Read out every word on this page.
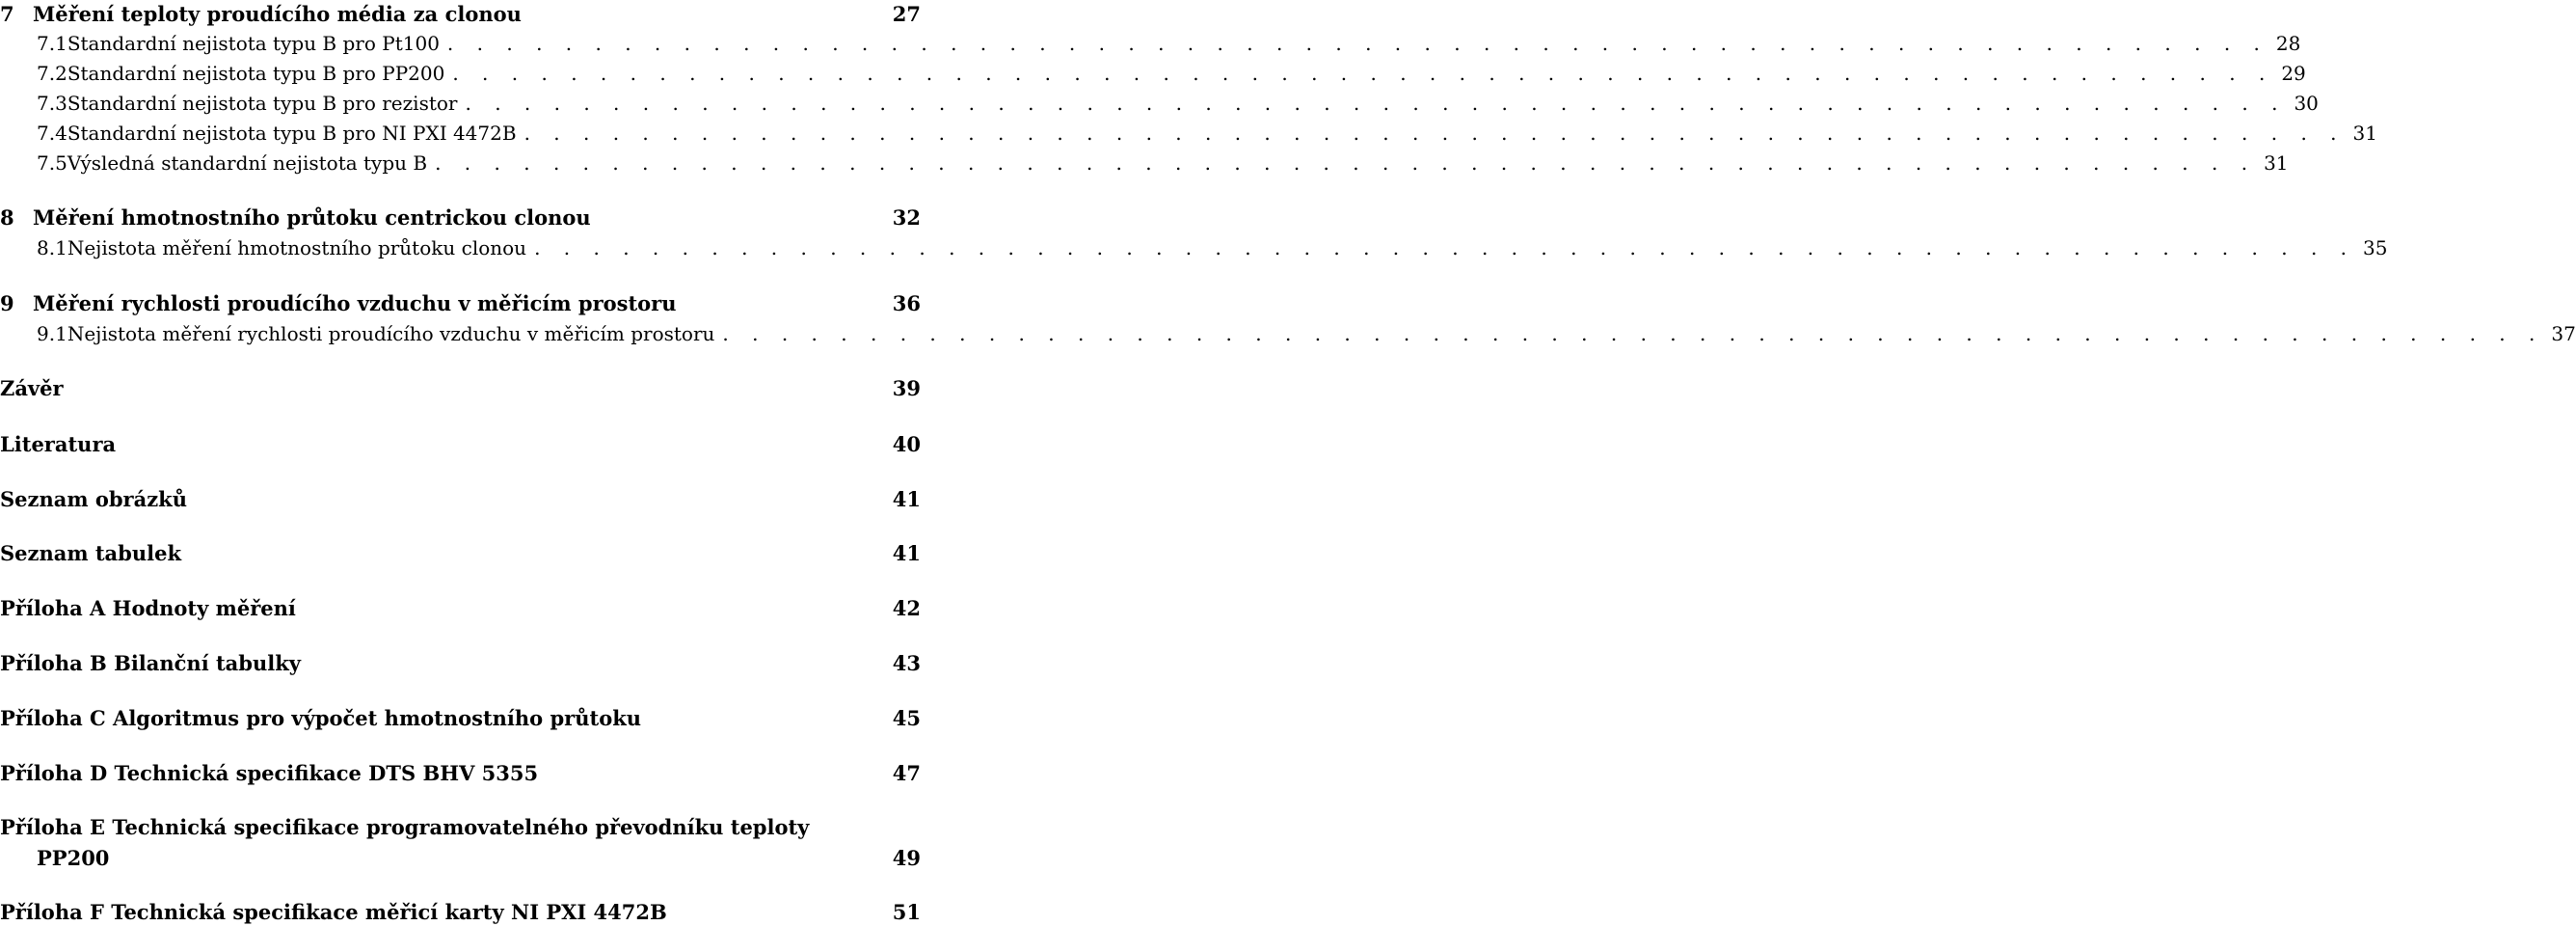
7 Měření teploty proudícího média za clonou	27
7.1 Standardní nejistota typu B pro Pt100 . . . . . . . . . . . . . . . . . . . . . . . . . . . . . . . . . . . . . . . . . . . . . . . . . . . . . . . . . . . . . . 28
7.2 Standardní nejistota typu B pro PP200 . . . . . . . . . . . . . . . . . . . . . . . . . . . . . . . . . . . . . . . . . . . . . . . . . . . . . . . . . . . . . . 29
7.3 Standardní nejistota typu B pro rezistor . . . . . . . . . . . . . . . . . . . . . . . . . . . . . . . . . . . . . . . . . . . . . . . . . . . . . . . . . . . . . . 30
7.4 Standardní nejistota typu B pro NI PXI 4472B . . . . . . . . . . . . . . . . . . . . . . . . . . . . . . . . . . . . . . . . . . . . . . . . . . . . . . . . . . . . . . 31
7.5 Výsledná standardní nejistota typu B . . . . . . . . . . . . . . . . . . . . . . . . . . . . . . . . . . . . . . . . . . . . . . . . . . . . . . . . . . . . . . 31
8 Měření hmotnostního průtoku centrickou clonou	32
8.1 Nejistota měření hmotnostního průtoku clonou . . . . . . . . . . . . . . . . . . . . . . . . . . . . . . . . . . . . . . . . . . . . . . . . . . . . . . . . . . . . . . 35
9 Měření rychlosti proudícího vzduchu v měřicím prostoru	36
9.1 Nejistota měření rychlosti proudícího vzduchu v měřicím prostoru . . . . . . . . . . . . . . . . . . . . . . . . . . . . . . . . . . . . . . . . . . . . . . . . . . . . . . . . . . . . . . 37
Závěr	39
Literatura	40
Seznam obrázků	41
Seznam tabulek	41
Příloha A Hodnoty měření	42
Příloha B Bilanční tabulky	43
Příloha C Algoritmus pro výpočet hmotnostního průtoku	45
Příloha D Technická specifikace DTS BHV 5355	47
Příloha E Technická specifikace programovatelného převodníku teploty
PP200	49
Příloha F Technická specifikace měřicí karty NI PXI 4472B	51
